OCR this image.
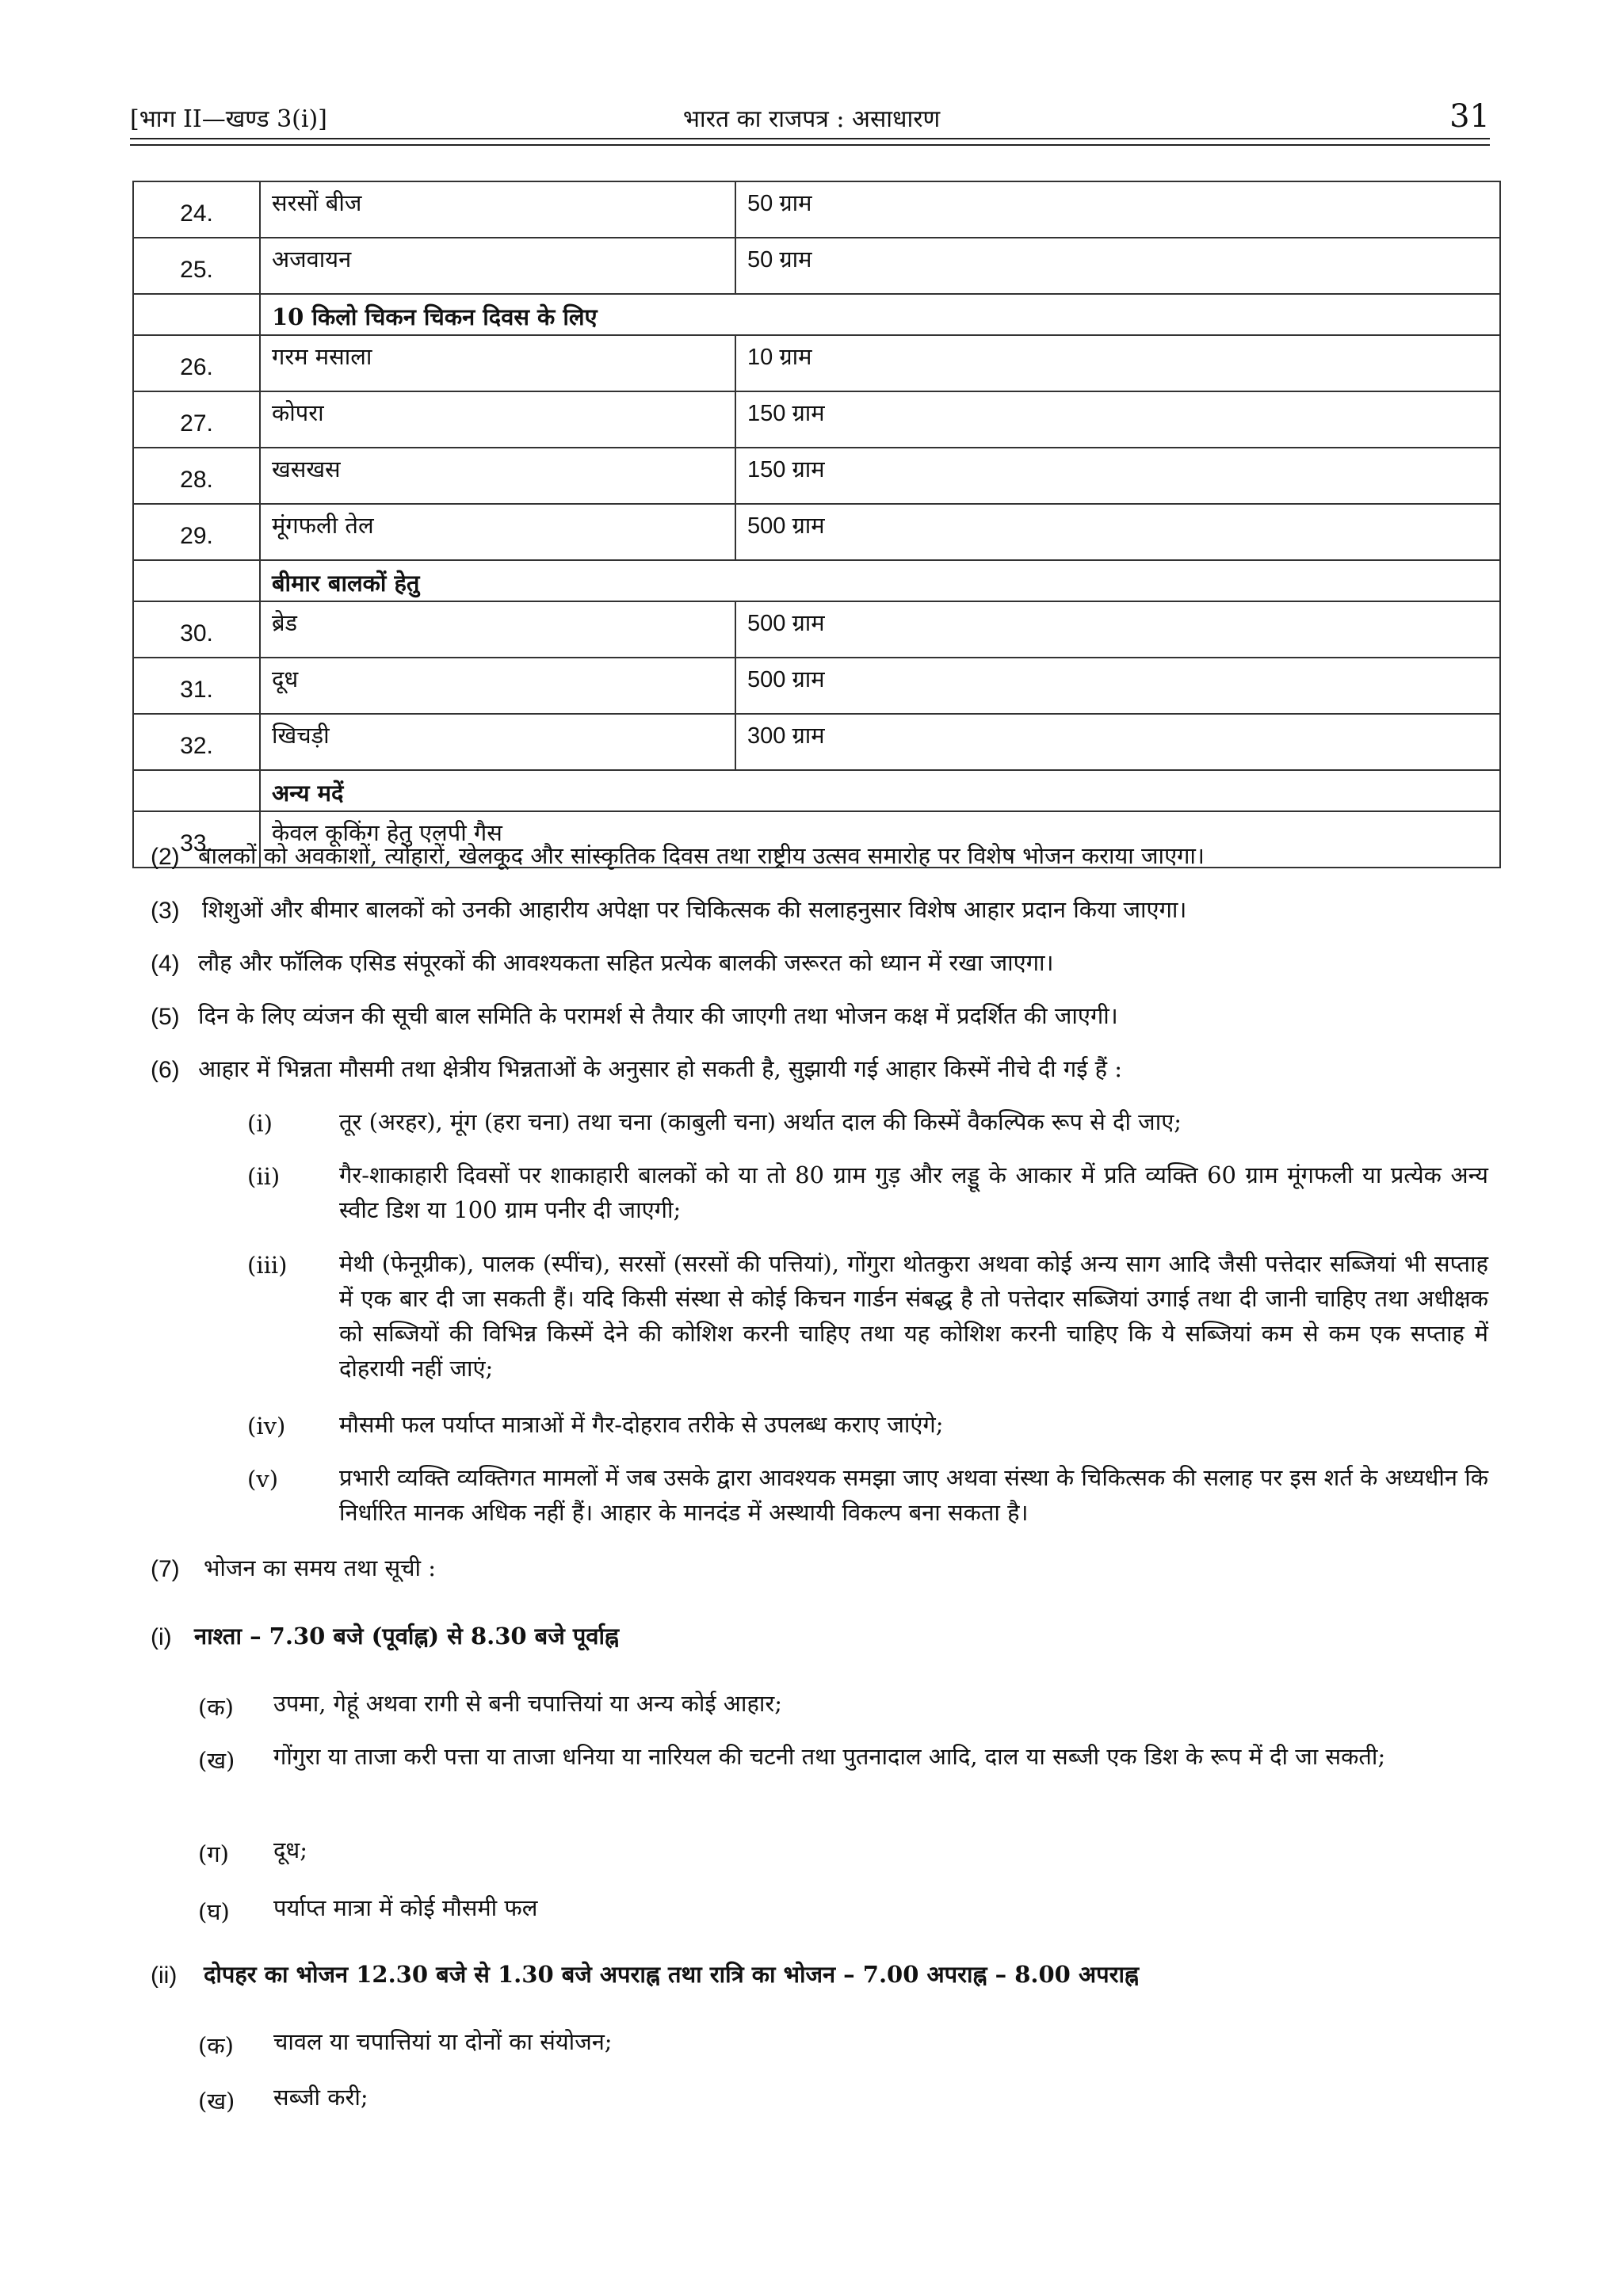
[भाग II—खण्ड 3(i)]	भारत का राजपत्र : असाधारण	31
24.	सरसों बीज	50 ग्राम
25.	अजवायन	50 ग्राम
	10 किलो चिकन चिकन दिवस के लिए	
26.	गरम मसाला	10 ग्राम
27.	कोपरा	150 ग्राम
28.	खसखस	150 ग्राम
29.	मूंगफली तेल	500 ग्राम
	बीमार बालकों हेतु	
30.	ब्रेड	500 ग्राम
31.	दूध	500 ग्राम
32.	खिचड़ी	300 ग्राम
	अन्य मदें	
33.	केवल कूकिंग हेतु एलपी गैस	
(2) बालकों को अवकाशों, त्योहारों, खेलकूद और सांस्कृतिक दिवस तथा राष्ट्रीय उत्सव समारोह पर विशेष भोजन कराया जाएगा।
(3) शिशुओं और बीमार बालकों को उनकी आहारीय अपेक्षा पर चिकित्सक की सलाहनुसार विशेष आहार प्रदान किया जाएगा।
(4) लौह और फॉलिक एसिड संपूरकों की आवश्यकता सहित प्रत्येक बालकी जरूरत को ध्यान में रखा जाएगा।
(5) दिन के लिए व्यंजन की सूची बाल समिति के परामर्श से तैयार की जाएगी तथा भोजन कक्ष में प्रदर्शित की जाएगी।
(6) आहार में भिन्नता मौसमी तथा क्षेत्रीय भिन्नताओं के अनुसार हो सकती है, सुझायी गई आहार किस्में नीचे दी गई हैं :
(i)	तूर (अरहर), मूंग (हरा चना) तथा चना (काबुली चना) अर्थात दाल की किस्में वैकल्पिक रूप से दी जाए;
(ii)	गैर-शाकाहारी दिवसों पर शाकाहारी बालकों को या तो 80 ग्राम गुड़ और लड्डू के आकार में प्रति व्यक्ति 60 ग्राम मूंगफली या प्रत्येक अन्य स्वीट डिश या 100 ग्राम पनीर दी जाएगी;
(iii) मेथी (फेनूग्रीक), पालक (स्पींच), सरसों (सरसों की पत्तियां), गोंगुरा थोतकुरा अथवा कोई अन्य साग आदि जैसी पत्तेदार सब्जियां भी सप्ताह में एक बार दी जा सकती हैं। यदि किसी संस्था से कोई किचन गार्डन संबद्ध है तो पत्तेदार सब्जियां उगाई तथा दी जानी चाहिए तथा अधीक्षक को सब्जियों की विभिन्न किस्में देने की कोशिश करनी चाहिए तथा यह कोशिश करनी चाहिए कि ये सब्जियां कम से कम एक सप्ताह में दोहरायी नहीं जाएं;
(iv) मौसमी फल पर्याप्त मात्राओं में गैर-दोहराव तरीके से उपलब्ध कराए जाएंगे;
(v)	प्रभारी व्यक्ति व्यक्तिगत मामलों में जब उसके द्वारा आवश्यक समझा जाए अथवा संस्था के चिकित्सक की सलाह पर इस शर्त के अध्यधीन कि निर्धारित मानक अधिक नहीं हैं। आहार के मानदंड में अस्थायी विकल्प बना सकता है।
(7) भोजन का समय तथा सूची :
(i) नाश्ता – 7.30 बजे (पूर्वाह्न) से 8.30 बजे पूर्वाह्न
(क) उपमा, गेहूं अथवा रागी से बनी चपात्तियां या अन्य कोई आहार;
(ख) गोंगुरा या ताजा करी पत्ता या ताजा धनिया या नारियल की चटनी तथा पुतनादाल आदि, दाल या सब्जी एक डिश के रूप में दी जा सकती;
(ग) दूध;
(घ) पर्याप्त मात्रा में कोई मौसमी फल
(ii) दोपहर का भोजन 12.30 बजे से 1.30 बजे अपराह्न तथा रात्रि का भोजन – 7.00 अपराह्न – 8.00 अपराह्न
(क) चावल या चपात्तियां या दोनों का संयोजन;
(ख) सब्जी करी;
